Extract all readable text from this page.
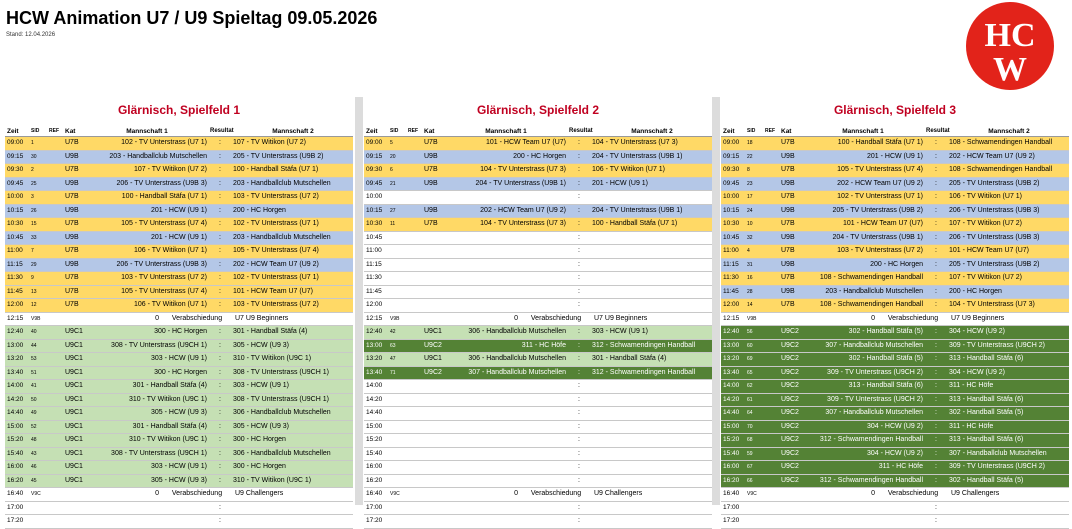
HCW Animation U7 / U9 Spieltag 09.05.2026
Stand: 12.04.2026	HC
W
Glärnisch, Spielfeld 1
Zeit	SID	REF Kat	Mannschaft 1	Resultat	Mannschaft 2
09:00	1	U7B	102 - TV Unterstrass (U7 1)	:	107 - TV Witikon (U7 2)
09:15	30	U9B	203 - Handballclub Mutschellen	:	205 - TV Unterstrass (U9B 2)
09:30	2	U7B	107 - TV Witikon (U7 2)	:	100 - Handball Stäfa (U7 1)
09:45	25	U9B	206 - TV Unterstrass (U9B 3)	:	203 - Handballclub Mutschellen
10:00	3	U7B	100 - Handball Stäfa (U7 1)	:	103 - TV Unterstrass (U7 2)
10:15	26	U9B	201 - HCW (U9 1)	:	200 - HC Horgen
10:30	15	U7B	105 - TV Unterstrass (U7 4)	:	102 - TV Unterstrass (U7 1)
10:45	33	U9B	201 - HCW (U9 1)	:	203 - Handballclub Mutschellen
11:00	7	U7B	106 - TV Witikon (U7 1)	:	105 - TV Unterstrass (U7 4)
11:15	29	U9B	206 - TV Unterstrass (U9B 3)	:	202 - HCW Team U7 (U9 2)
11:30	9	U7B	103 - TV Unterstrass (U7 2)	:	102 - TV Unterstrass (U7 1)
11:45	13	U7B	105 - TV Unterstrass (U7 4)	:	101 - HCW Team U7 (U7)
12:00	12	U7B	106 - TV Witikon (U7 1)	:	103 - TV Unterstrass (U7 2)
12:15	V9B	0	Verabschiedung	U7 U9 Beginners
12:40	40	U9C1	300 - HC Horgen	:	301 - Handball Stäfa (4)
13:00	44	U9C1	308 - TV Unterstrass (U9CH 1)	:	305 - HCW (U9 3)
13:20	53	U9C1	303 - HCW (U9 1)	:	310 - TV Witikon (U9C 1)
13:40	51	U9C1	300 - HC Horgen	:	308 - TV Unterstrass (U9CH 1)
14:00	41	U9C1	301 - Handball Stäfa (4)	:	303 - HCW (U9 1)
14:20	50	U9C1	310 - TV Witikon (U9C 1)	:	308 - TV Unterstrass (U9CH 1)
14:40	49	U9C1	305 - HCW (U9 3)	:	306 - Handballclub Mutschellen
15:00	52	U9C1	301 - Handball Stäfa (4)	:	305 - HCW (U9 3)
15:20	48	U9C1	310 - TV Witikon (U9C 1)	:	300 - HC Horgen
15:40	43	U9C1	308 - TV Unterstrass (U9CH 1)	:	306 - Handballclub Mutschellen
16:00	46	U9C1	303 - HCW (U9 1)	:	300 - HC Horgen
16:20	45	U9C1	305 - HCW (U9 3)	:	310 - TV Witikon (U9C 1)
16:40	V9C	0	Verabschiedung	U9 Challengers
17:00	:
17:20	:
Glärnisch, Spielfeld 2
Zeit	SID	REF Kat	Mannschaft 1	Resultat	Mannschaft 2
09:00	5	U7B	101 - HCW Team U7 (U7)	:	104 - TV Unterstrass (U7 3)
09:15	20	U9B	200 - HC Horgen	:	204 - TV Unterstrass (U9B 1)
09:30	6	U7B	104 - TV Unterstrass (U7 3)	:	106 - TV Witikon (U7 1)
09:45	21	U9B	204 - TV Unterstrass (U9B 1)	:	201 - HCW (U9 1)
10:00	:
10:15	27	U9B	202 - HCW Team U7 (U9 2)	:	204 - TV Unterstrass (U9B 1)
10:30	11	U7B	104 - TV Unterstrass (U7 3)	:	100 - Handball Stäfa (U7 1)
10:45	:
11:00	:
11:15	:
11:30	:
11:45	:
12:00	:
12:15	V9B	0	Verabschiedung	U7 U9 Beginners
12:40	42	U9C1	306 - Handballclub Mutschellen	:	303 - HCW (U9 1)
13:00	63	U9C2	311 - HC Höfe	:	312 - Schwamendingen Handball
13:20	47	U9C1	306 - Handballclub Mutschellen	:	301 - Handball Stäfa (4)
13:40	71	U9C2	307 - Handballclub Mutschellen	:	312 - Schwamendingen Handball
14:00	:
14:20	:
14:40	:
15:00	:
15:20	:
15:40	:
16:00	:
16:20	:
16:40	V9C	0	Verabschiedung	U9 Challengers
17:00	:
17:20	:
Glärnisch, Spielfeld 3
Zeit	SID	REF Kat	Mannschaft 1	Resultat	Mannschaft 2
09:00	18	U7B	100 - Handball Stäfa (U7 1)	:	108 - Schwamendingen Handball
09:15	22	U9B	201 - HCW (U9 1)	:	202 - HCW Team U7 (U9 2)
09:30	8	U7B	105 - TV Unterstrass (U7 4)	:	108 - Schwamendingen Handball
09:45	23	U9B	202 - HCW Team U7 (U9 2)	:	205 - TV Unterstrass (U9B 2)
10:00	17	U7B	102 - TV Unterstrass (U7 1)	:	106 - TV Witikon (U7 1)
10:15	24	U9B	205 - TV Unterstrass (U9B 2)	:	206 - TV Unterstrass (U9B 3)
10:30	10	U7B	101 - HCW Team U7 (U7)	:	107 - TV Witikon (U7 2)
10:45	32	U9B	204 - TV Unterstrass (U9B 1)	:	206 - TV Unterstrass (U9B 3)
11:00	4	U7B	103 - TV Unterstrass (U7 2)	:	101 - HCW Team U7 (U7)
11:15	31	U9B	200 - HC Horgen	:	205 - TV Unterstrass (U9B 2)
11:30	16	U7B	108 - Schwamendingen Handball	:	107 - TV Witikon (U7 2)
11:45	28	U9B	203 - Handballclub Mutschellen	:	200 - HC Horgen
12:00	14	U7B	108 - Schwamendingen Handball	:	104 - TV Unterstrass (U7 3)
12:15	V9B	0	Verabschiedung	U7 U9 Beginners
12:40	56	U9C2	302 - Handball Stäfa (5)	:	304 - HCW (U9 2)
13:00	60	U9C2	307 - Handballclub Mutschellen	:	309 - TV Unterstrass (U9CH 2)
13:20	69	U9C2	302 - Handball Stäfa (5)	:	313 - Handball Stäfa (6)
13:40	65	U9C2	309 - TV Unterstrass (U9CH 2)	:	304 - HCW (U9 2)
14:00	62	U9C2	313 - Handball Stäfa (6)	:	311 - HC Höfe
14:20	61	U9C2	309 - TV Unterstrass (U9CH 2)	:	313 - Handball Stäfa (6)
14:40	64	U9C2	307 - Handballclub Mutschellen	:	302 - Handball Stäfa (5)
15:00	70	U9C2	304 - HCW (U9 2)	:	311 - HC Höfe
15:20	68	U9C2	312 - Schwamendingen Handball	:	313 - Handball Stäfa (6)
15:40	59	U9C2	304 - HCW (U9 2)	:	307 - Handballclub Mutschellen
16:00	67	U9C2	311 - HC Höfe	:	309 - TV Unterstrass (U9CH 2)
16:20	66	U9C2	312 - Schwamendingen Handball	:	302 - Handball Stäfa (5)
16:40	V9C	0	Verabschiedung	U9 Challengers
17:00	:
17:20	:
